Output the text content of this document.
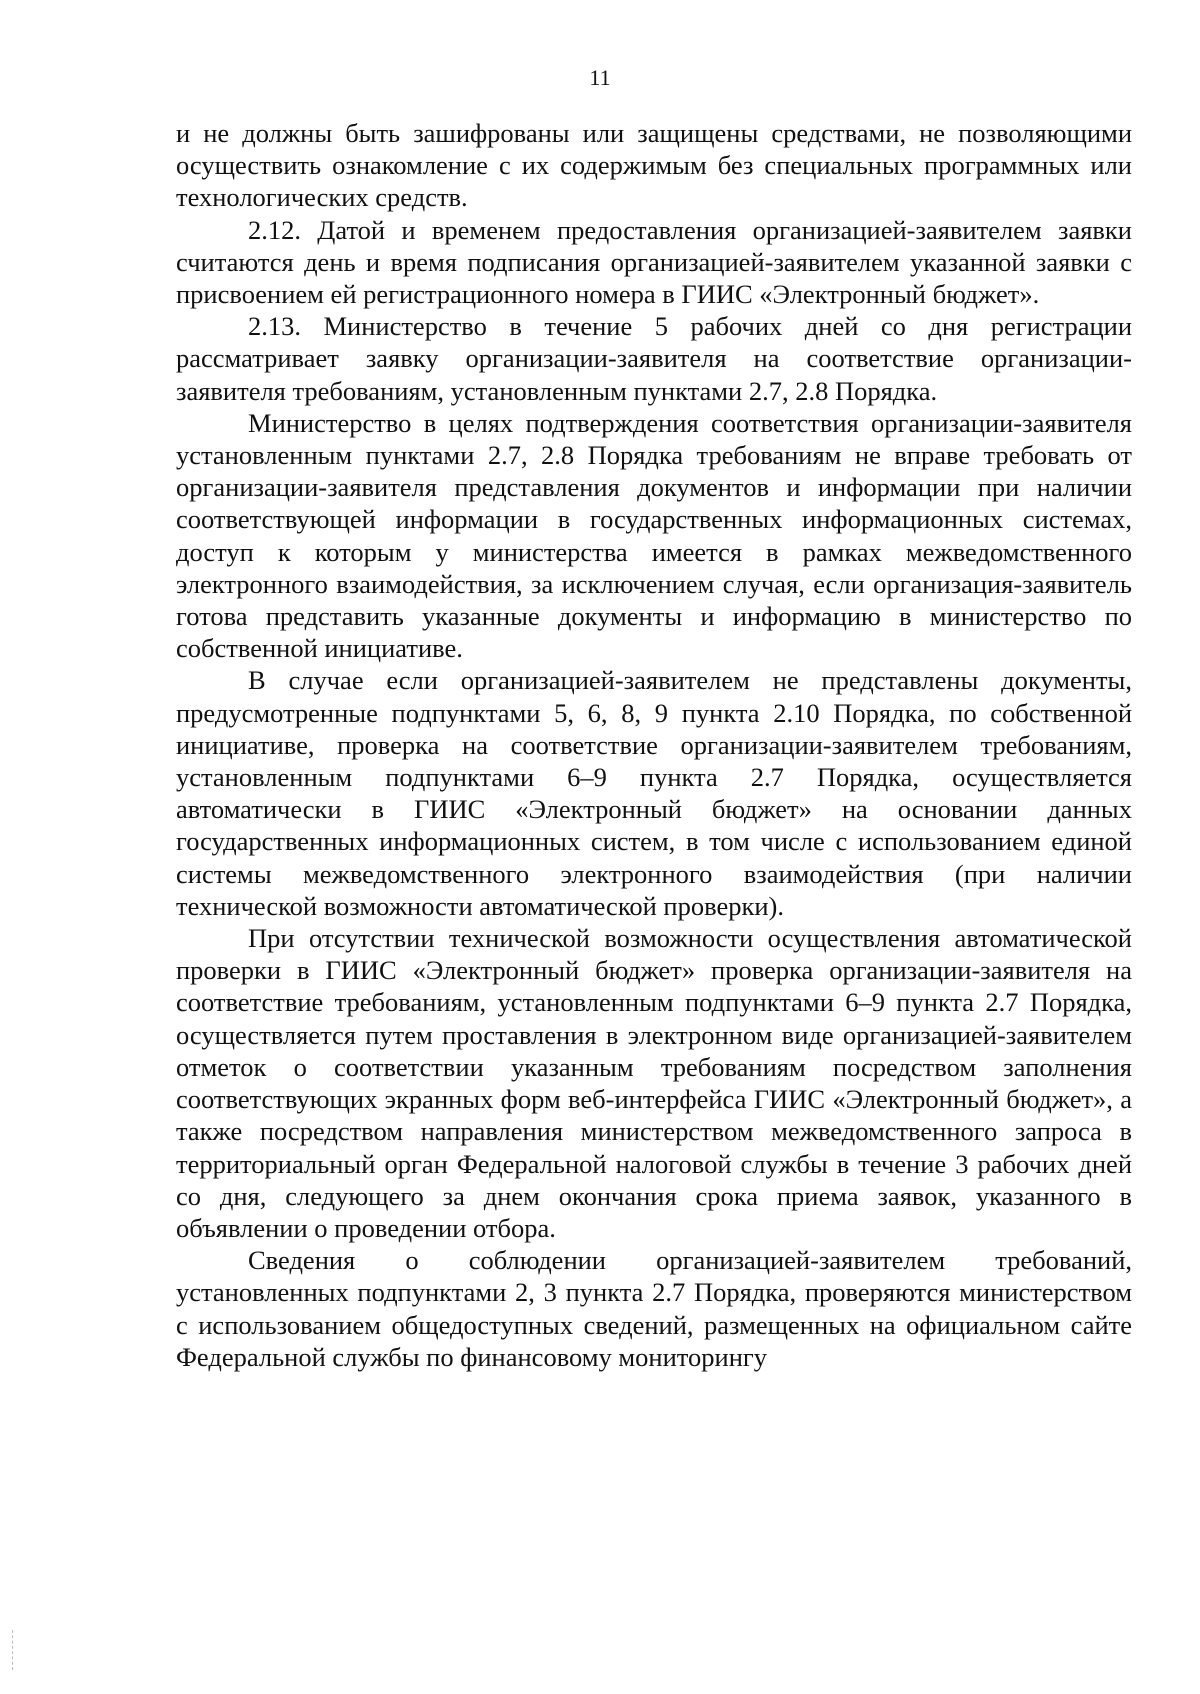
11

и не должны быть зашифрованы или защищены средствами, не позволяющими осуществить ознакомление с их содержимым без специальных программных или технологических средств.

2.12. Датой и временем предоставления организацией-заявителем заявки считаются день и время подписания организацией-заявителем указанной заявки с присвоением ей регистрационного номера в ГИИС «Электронный бюджет».

2.13. Министерство в течение 5 рабочих дней со дня регистрации рассматривает заявку организации-заявителя на соответствие организации-заявителя требованиям, установленным пунктами 2.7, 2.8 Порядка.

Министерство в целях подтверждения соответствия организации-заявителя установленным пунктами 2.7, 2.8 Порядка требованиям не вправе требовать от организации-заявителя представления документов и информации при наличии соответствующей информации в государственных информационных системах, доступ к которым у министерства имеется в рамках межведомственного электронного взаимодействия, за исключением случая, если организация-заявитель готова представить указанные документы и информацию в министерство по собственной инициативе.

В случае если организацией-заявителем не представлены документы, предусмотренные подпунктами 5, 6, 8, 9 пункта 2.10 Порядка, по собственной инициативе, проверка на соответствие организации-заявителем требованиям, установленным подпунктами 6–9 пункта 2.7 Порядка, осуществляется автоматически в ГИИС «Электронный бюджет» на основании данных государственных информационных систем, в том числе с использованием единой системы межведомственного электронного взаимодействия (при наличии технической возможности автоматической проверки).

При отсутствии технической возможности осуществления автоматической проверки в ГИИС «Электронный бюджет» проверка организации-заявителя на соответствие требованиям, установленным подпунктами 6–9 пункта 2.7 Порядка, осуществляется путем проставления в электронном виде организацией-заявителем отметок о соответствии указанным требованиям посредством заполнения соответствующих экранных форм веб-интерфейса ГИИС «Электронный бюджет», а также посредством направления министерством межведомственного запроса в территориальный орган Федеральной налоговой службы в течение 3 рабочих дней со дня, следующего за днем окончания срока приема заявок, указанного в объявлении о проведении отбора.

Сведения о соблюдении организацией-заявителем требований, установленных подпунктами 2, 3 пункта 2.7 Порядка, проверяются министерством с использованием общедоступных сведений, размещенных на официальном сайте Федеральной службы по финансовому мониторингу
